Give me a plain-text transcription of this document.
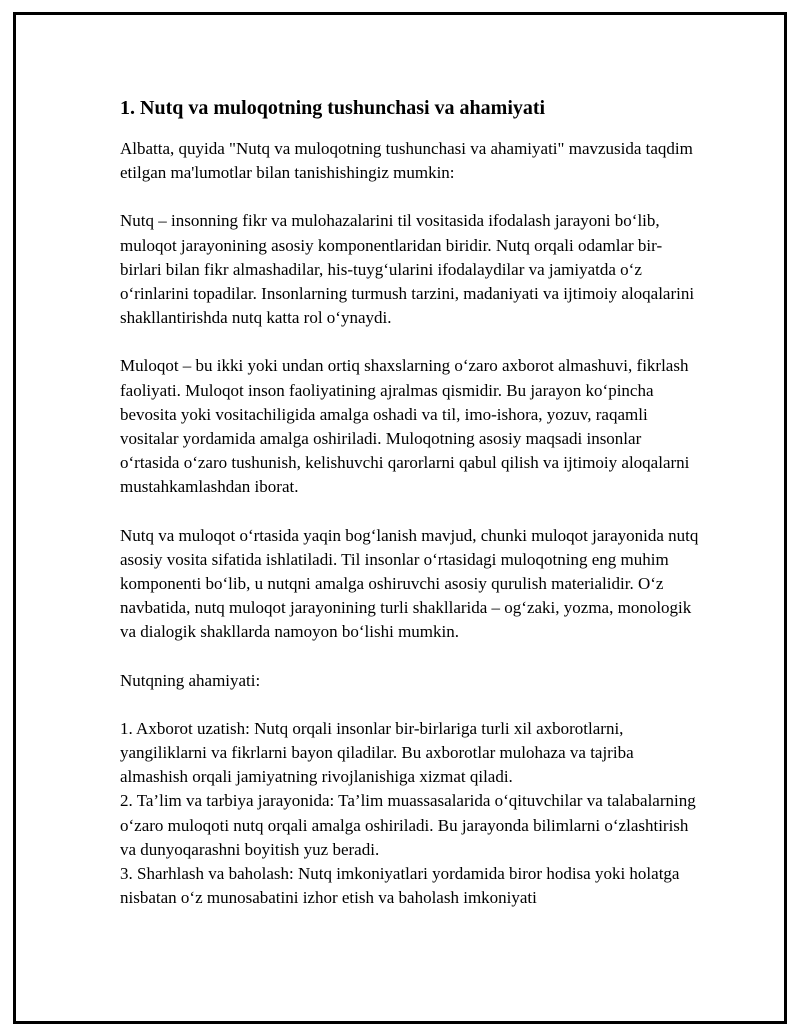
1. Nutq va muloqotning tushunchasi va ahamiyati

Albatta, quyida "Nutq va muloqotning tushunchasi va ahamiyati" mavzusida taqdim etilgan ma'lumotlar bilan tanishishingiz mumkin:

Nutq – insonning fikr va mulohazalarini til vositasida ifodalash jarayoni bo‘lib, muloqot jarayonining asosiy komponentlaridan biridir. Nutq orqali odamlar bir-birlari bilan fikr almashadilar, his-tuyg‘ularini ifodalaydilar va jamiyatda o‘z o‘rinlarini topadilar. Insonlarning turmush tarzini, madaniyati va ijtimoiy aloqalarini shakllantirishda nutq katta rol o‘ynaydi.

Muloqot – bu ikki yoki undan ortiq shaxslarning o‘zaro axborot almashuvi, fikrlash faoliyati. Muloqot inson faoliyatining ajralmas qismidir. Bu jarayon ko‘pincha bevosita yoki vositachiligida amalga oshadi va til, imo-ishora, yozuv, raqamli vositalar yordamida amalga oshiriladi. Muloqotning asosiy maqsadi insonlar o‘rtasida o‘zaro tushunish, kelishuvchi qarorlarni qabul qilish va ijtimoiy aloqalarni mustahkamlashdan iborat.

Nutq va muloqot o‘rtasida yaqin bog‘lanish mavjud, chunki muloqot jarayonida nutq asosiy vosita sifatida ishlatiladi. Til insonlar o‘rtasidagi muloqotning eng muhim komponenti bo‘lib, u nutqni amalga oshiruvchi asosiy qurulish materialidir. O‘z navbatida, nutq muloqot jarayonining turli shakllarida – og‘zaki, yozma, monologik va dialogik shakllarda namoyon bo‘lishi mumkin.

Nutqning ahamiyati:

1. Axborot uzatish: Nutq orqali insonlar bir-birlariga turli xil axborotlarni, yangiliklarni va fikrlarni bayon qiladilar. Bu axborotlar mulohaza va tajriba almashish orqali jamiyatning rivojlanishiga xizmat qiladi.

2. Ta’lim va tarbiya jarayonida: Ta’lim muassasalarida o‘qituvchilar va talabalarning o‘zaro muloqoti nutq orqali amalga oshiriladi. Bu jarayonda bilimlarni o‘zlashtirish va dunyoqarashni boyitish yuz beradi.

3. Sharhlash va baholash: Nutq imkoniyatlari yordamida biror hodisa yoki holatga nisbatan o‘z munosabatini izhor etish va baholash imkoniyati
